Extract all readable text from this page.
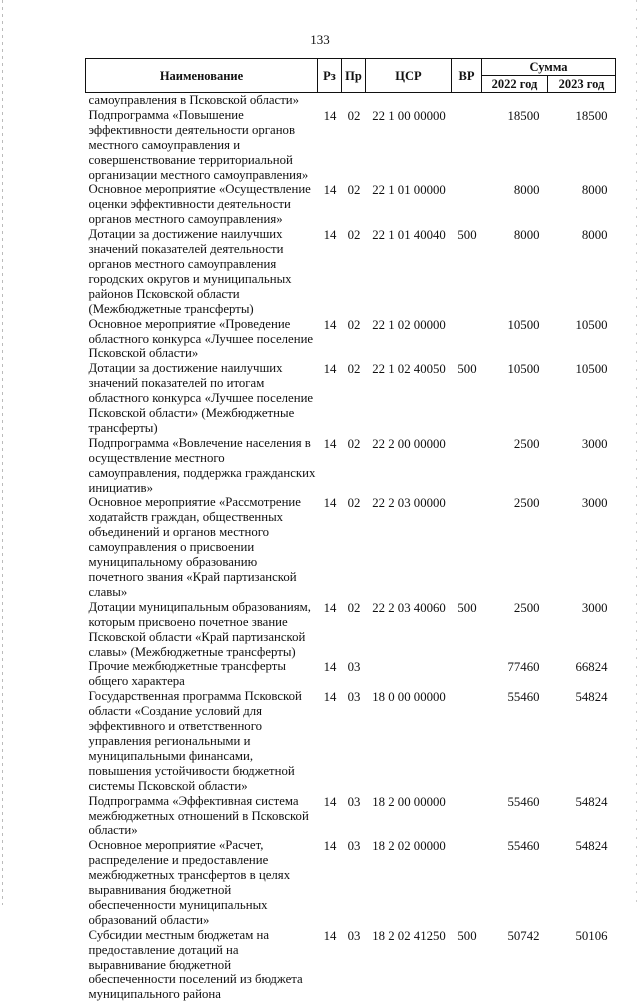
133
Наименование	Рз	Пр	ЦСР	ВР	Сумма	
					2022 год	2023 год
самоуправления в Псковской области»						
Подпрограмма «Повышение эффективности деятельности органов местного самоуправления и совершенствование территориальной организации местного самоуправления»	14	02	22 1 00 00000		18500	18500
Основное мероприятие «Осуществление оценки эффективности деятельности органов местного самоуправления»	14	02	22 1 01 00000		8000	8000
Дотации за достижение наилучших значений показателей деятельности органов местного самоуправления городских округов и муниципальных районов Псковской области (Межбюджетные трансферты)	14	02	22 1 01 40040	500	8000	8000
Основное мероприятие «Проведение областного конкурса «Лучшее поселение Псковской области»	14	02	22 1 02 00000		10500	10500
Дотации за достижение наилучших значений показателей по итогам областного конкурса «Лучшее поселение Псковской области» (Межбюджетные трансферты)	14	02	22 1 02 40050	500	10500	10500
Подпрограмма «Вовлечение населения в осуществление местного самоуправления, поддержка гражданских инициатив»	14	02	22 2 00 00000		2500	3000
Основное мероприятие «Рассмотрение ходатайств граждан, общественных объединений и органов местного самоуправления о присвоении муниципальному образованию почетного звания «Край партизанской славы»	14	02	22 2 03 00000		2500	3000
Дотации муниципальным образованиям, которым присвоено почетное звание Псковской области «Край партизанской славы» (Межбюджетные трансферты)	14	02	22 2 03 40060	500	2500	3000
Прочие межбюджетные трансферты общего характера	14	03			77460	66824
Государственная программа Псковской области «Создание условий для эффективного и ответственного управления региональными и муниципальными финансами, повышения устойчивости бюджетной системы Псковской области»	14	03	18 0 00 00000		55460	54824
Подпрограмма «Эффективная система межбюджетных отношений в Псковской области»	14	03	18 2 00 00000		55460	54824
Основное мероприятие «Расчет, распределение и предоставление межбюджетных трансфертов в целях выравнивания бюджетной обеспеченности муниципальных образований области»	14	03	18 2 02 00000		55460	54824
Субсидии местным бюджетам на предоставление дотаций на выравнивание бюджетной обеспеченности поселений из бюджета муниципального района	14	03	18 2 02 41250	500	50742	50106
